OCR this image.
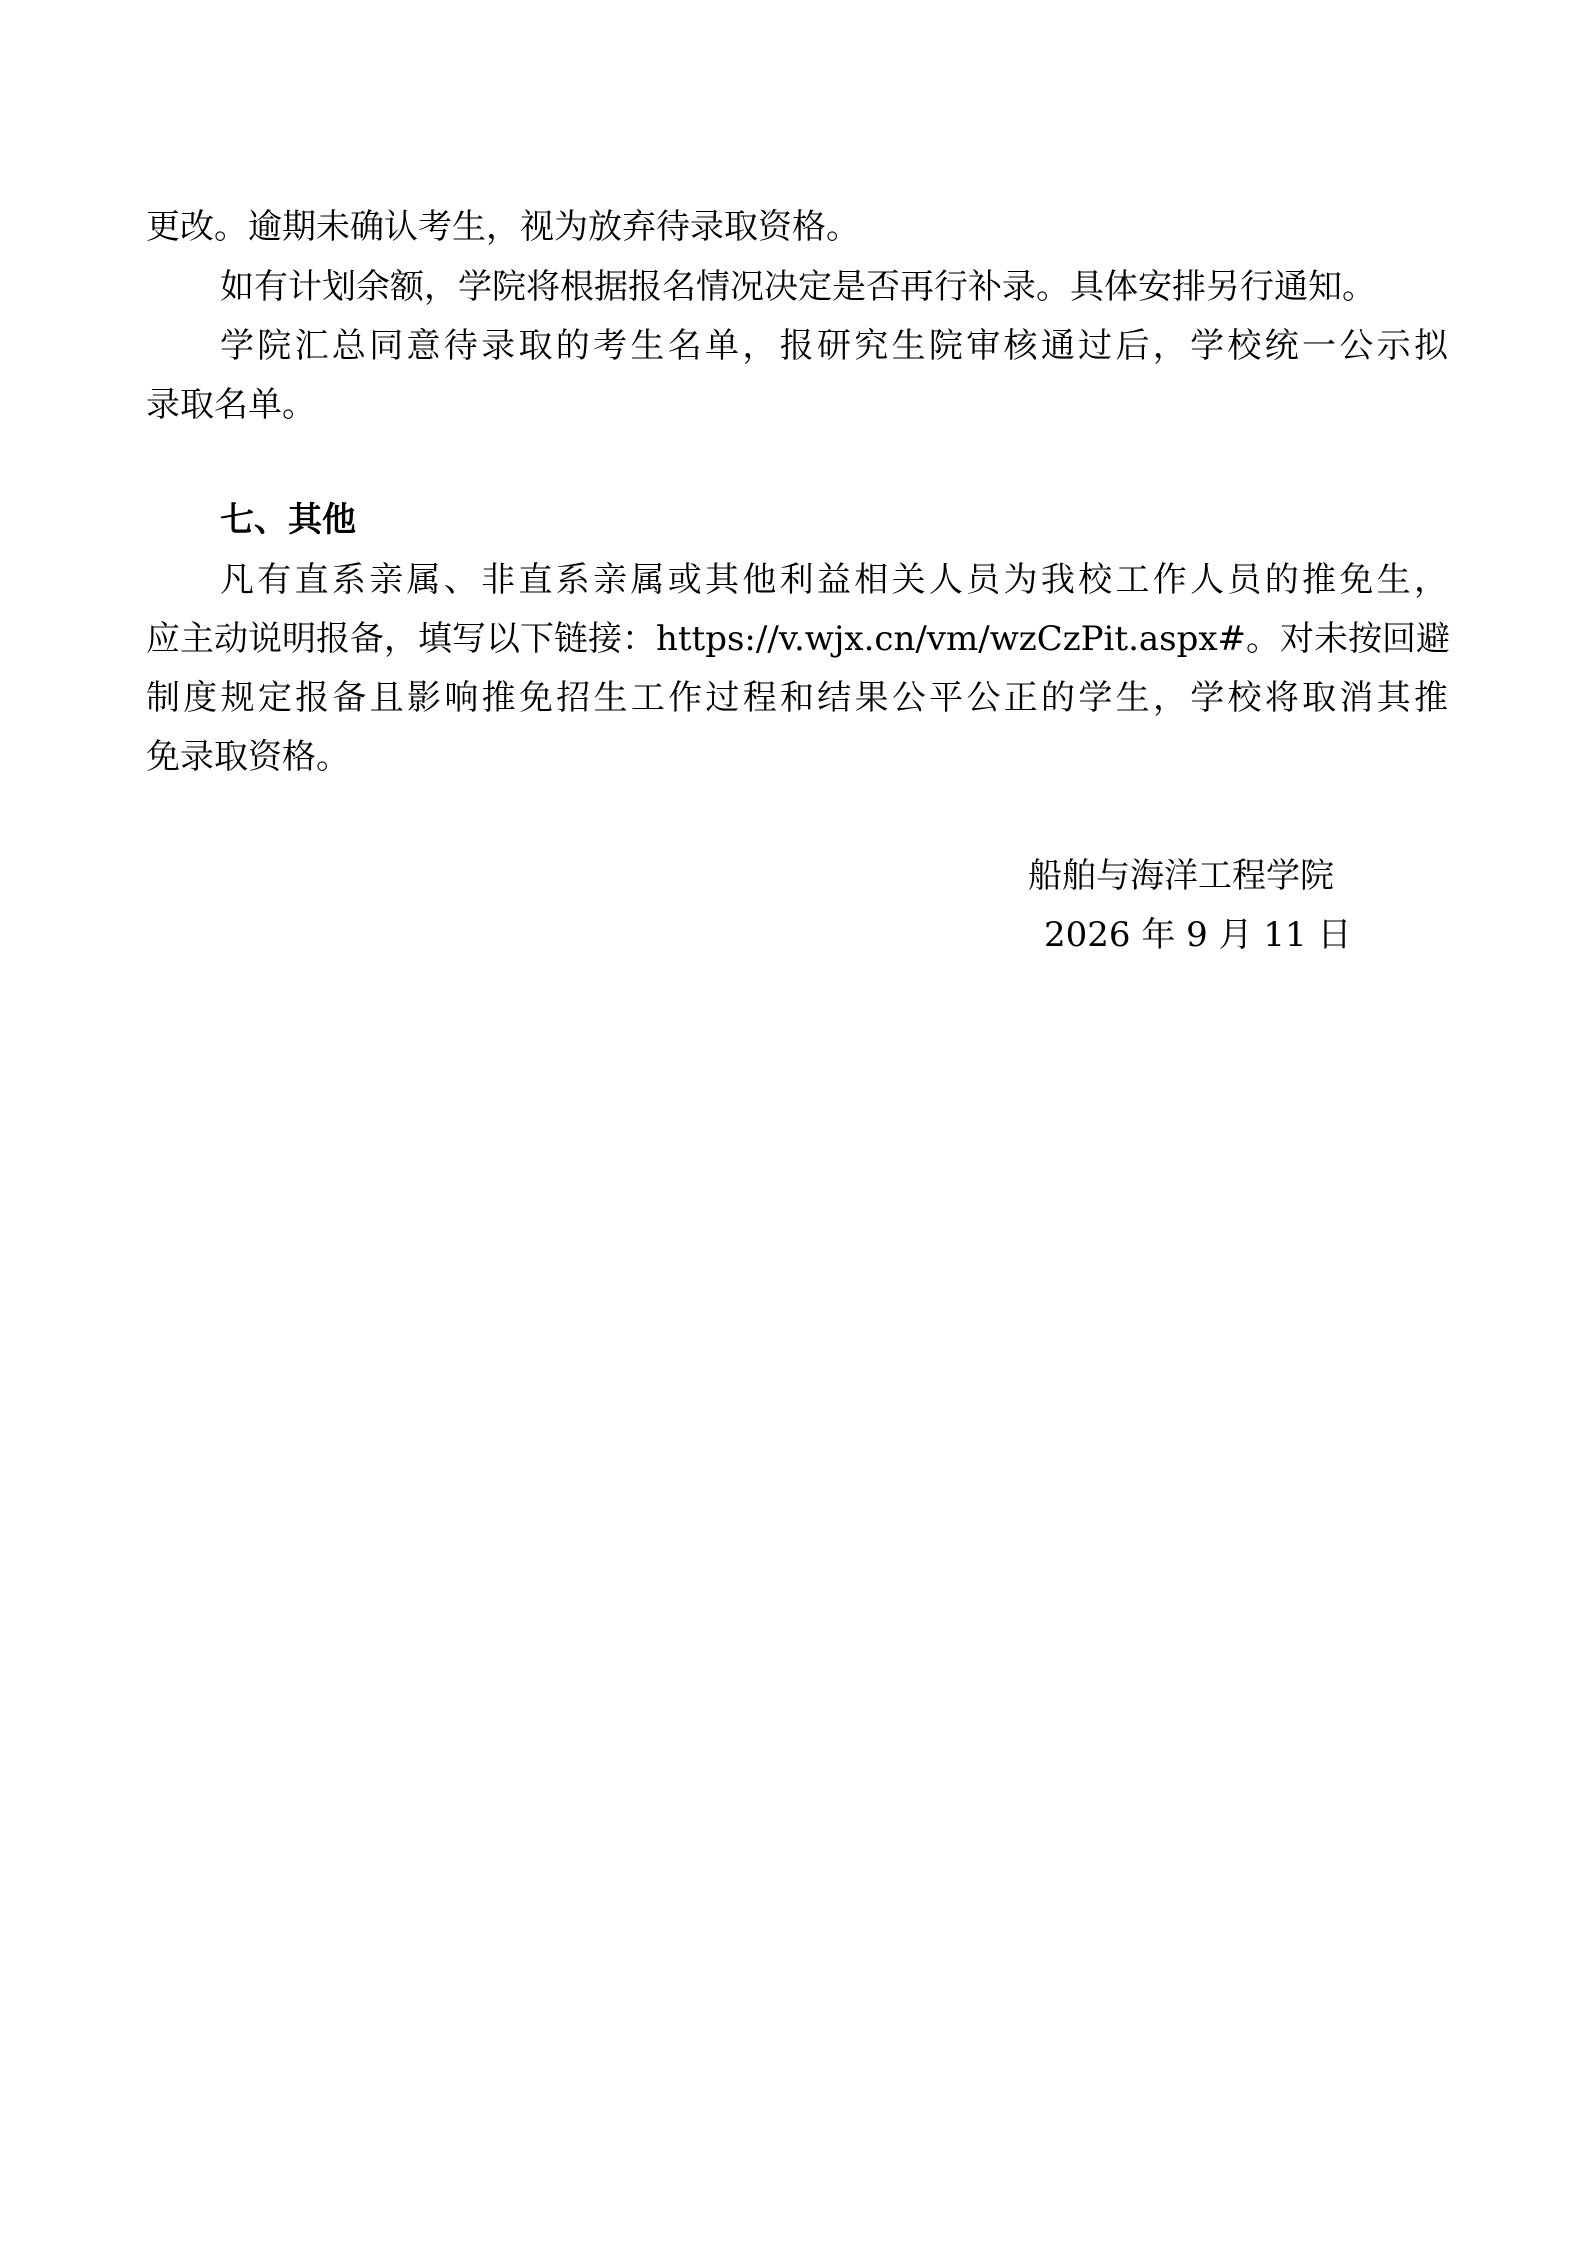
更改。逾期未确认考生，视为放弃待录取资格。

如有计划余额，学院将根据报名情况决定是否再行补录。具体安排另行通知。

学院汇总同意待录取的考生名单，报研究生院审核通过后，学校统一公示拟

录取名单。

七、其他

凡有直系亲属、非直系亲属或其他利益相关人员为我校工作人员的推免生，

应主动说明报备，填写以下链接：https://v.wjx.cn/vm/wzCzPit.aspx#。对未按回避

制度规定报备且影响推免招生工作过程和结果公平公正的学生，学校将取消其推

免录取资格。

船舶与海洋工程学院

2026 年 9 月 11 日
